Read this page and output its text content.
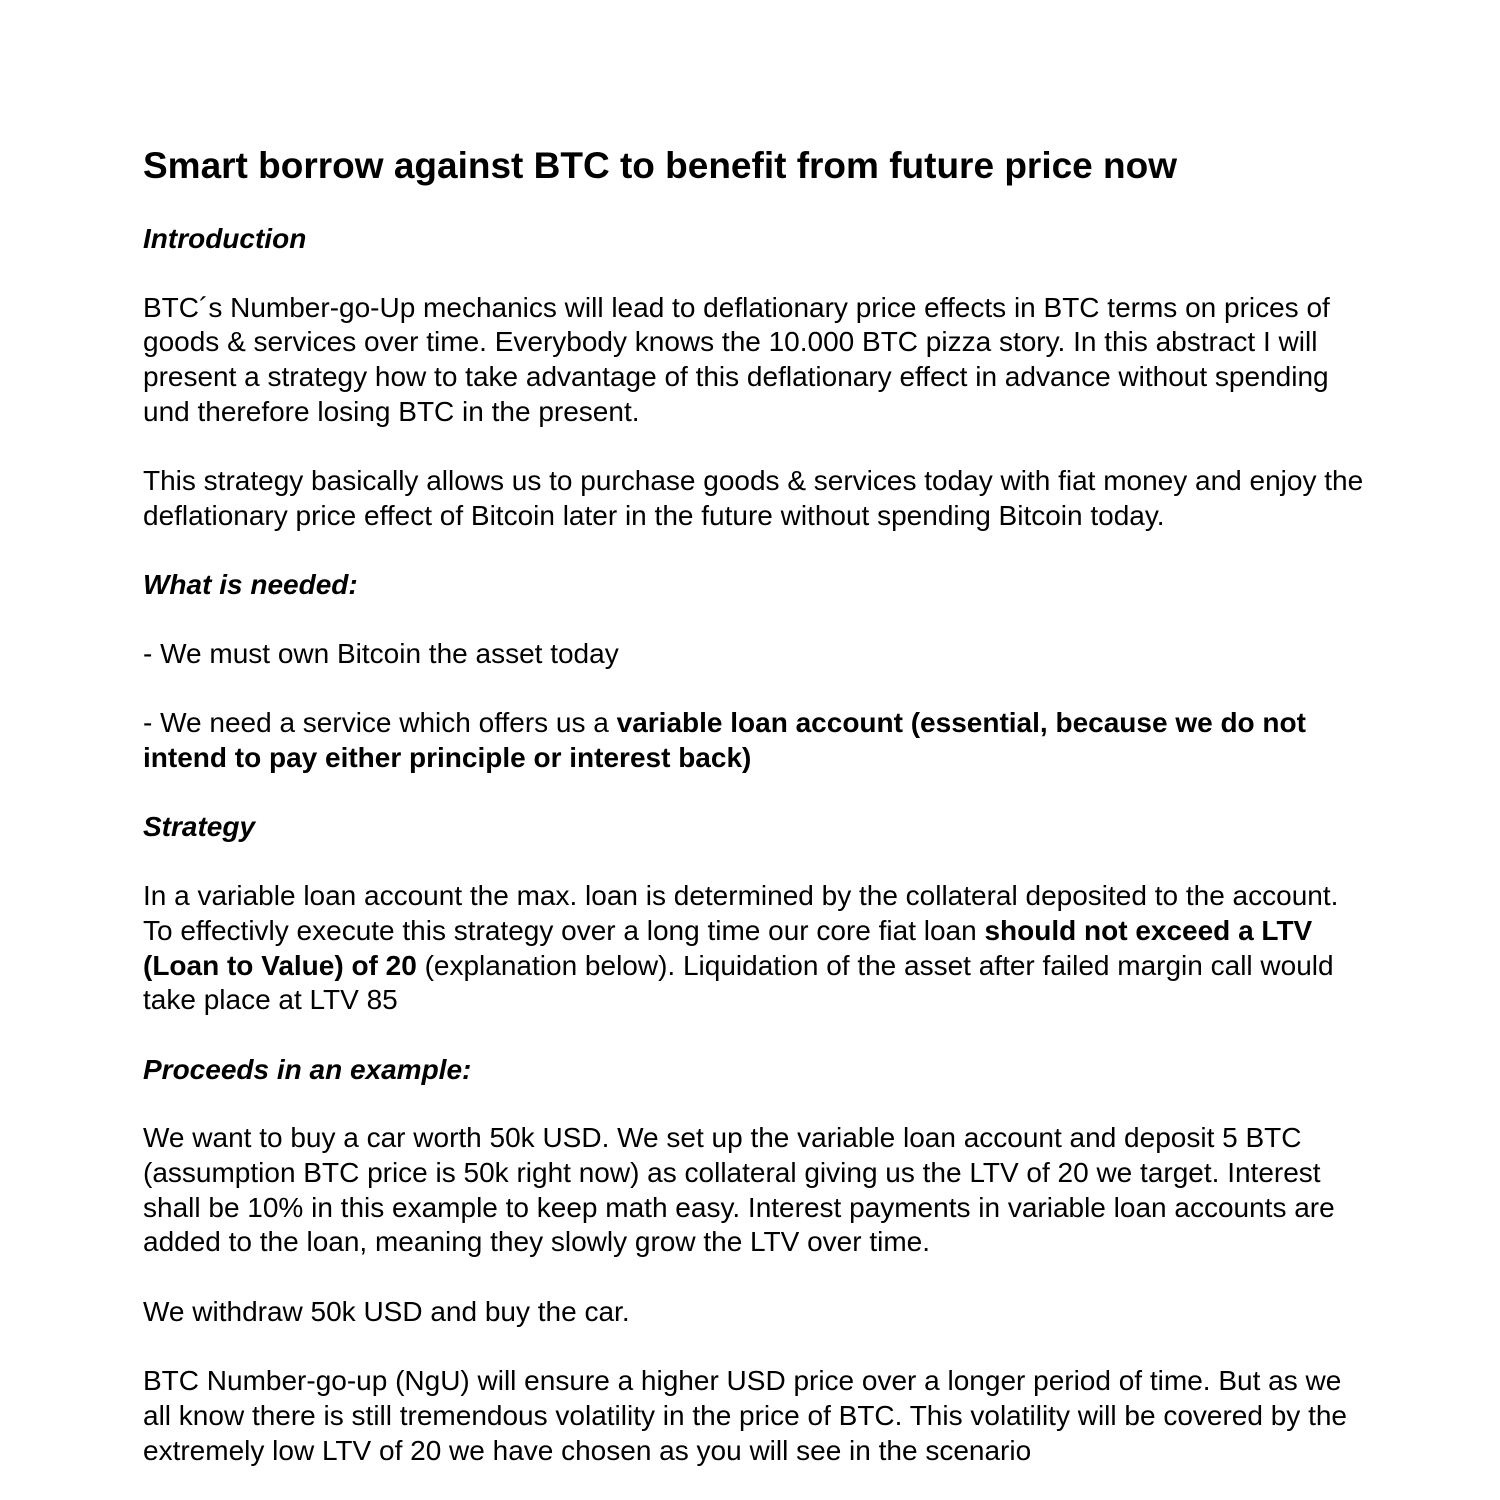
Smart borrow against BTC to benefit from future price now
Introduction

BTC´s Number-go-Up mechanics will lead to deflationary price effects in BTC terms on prices of goods & services over time. Everybody knows the 10.000 BTC pizza story. In this abstract I will present a strategy how to take advantage of this deflationary effect in advance without spending und therefore losing BTC in the present.

This strategy basically allows us to purchase goods & services today with fiat money and enjoy the deflationary price effect of Bitcoin later in the future without spending Bitcoin today.

What is needed:

- We must own Bitcoin the asset today

- We need a service which offers us a variable loan account (essential, because we do not intend to pay either principle or interest back)

Strategy

In a variable loan account the max. loan is determined by the collateral deposited to the account. To effectivly execute this strategy over a long time our core fiat loan should not exceed a LTV (Loan to Value) of 20 (explanation below). Liquidation of the asset after failed margin call would take place at LTV 85

Proceeds in an example:

We want to buy a car worth 50k USD. We set up the variable loan account and deposit 5 BTC (assumption BTC price is 50k right now) as collateral giving us the LTV of 20 we target. Interest shall be 10% in this example to keep math easy. Interest payments in variable loan accounts are added to the loan, meaning they slowly grow the LTV over time.

We withdraw 50k USD and buy the car.

BTC Number-go-up (NgU) will ensure a higher USD price over a longer period of time. But as we all know there is still tremendous volatility in the price of BTC. This volatility will be covered by the extremely low LTV of 20 we have chosen as you will see in the scenario
